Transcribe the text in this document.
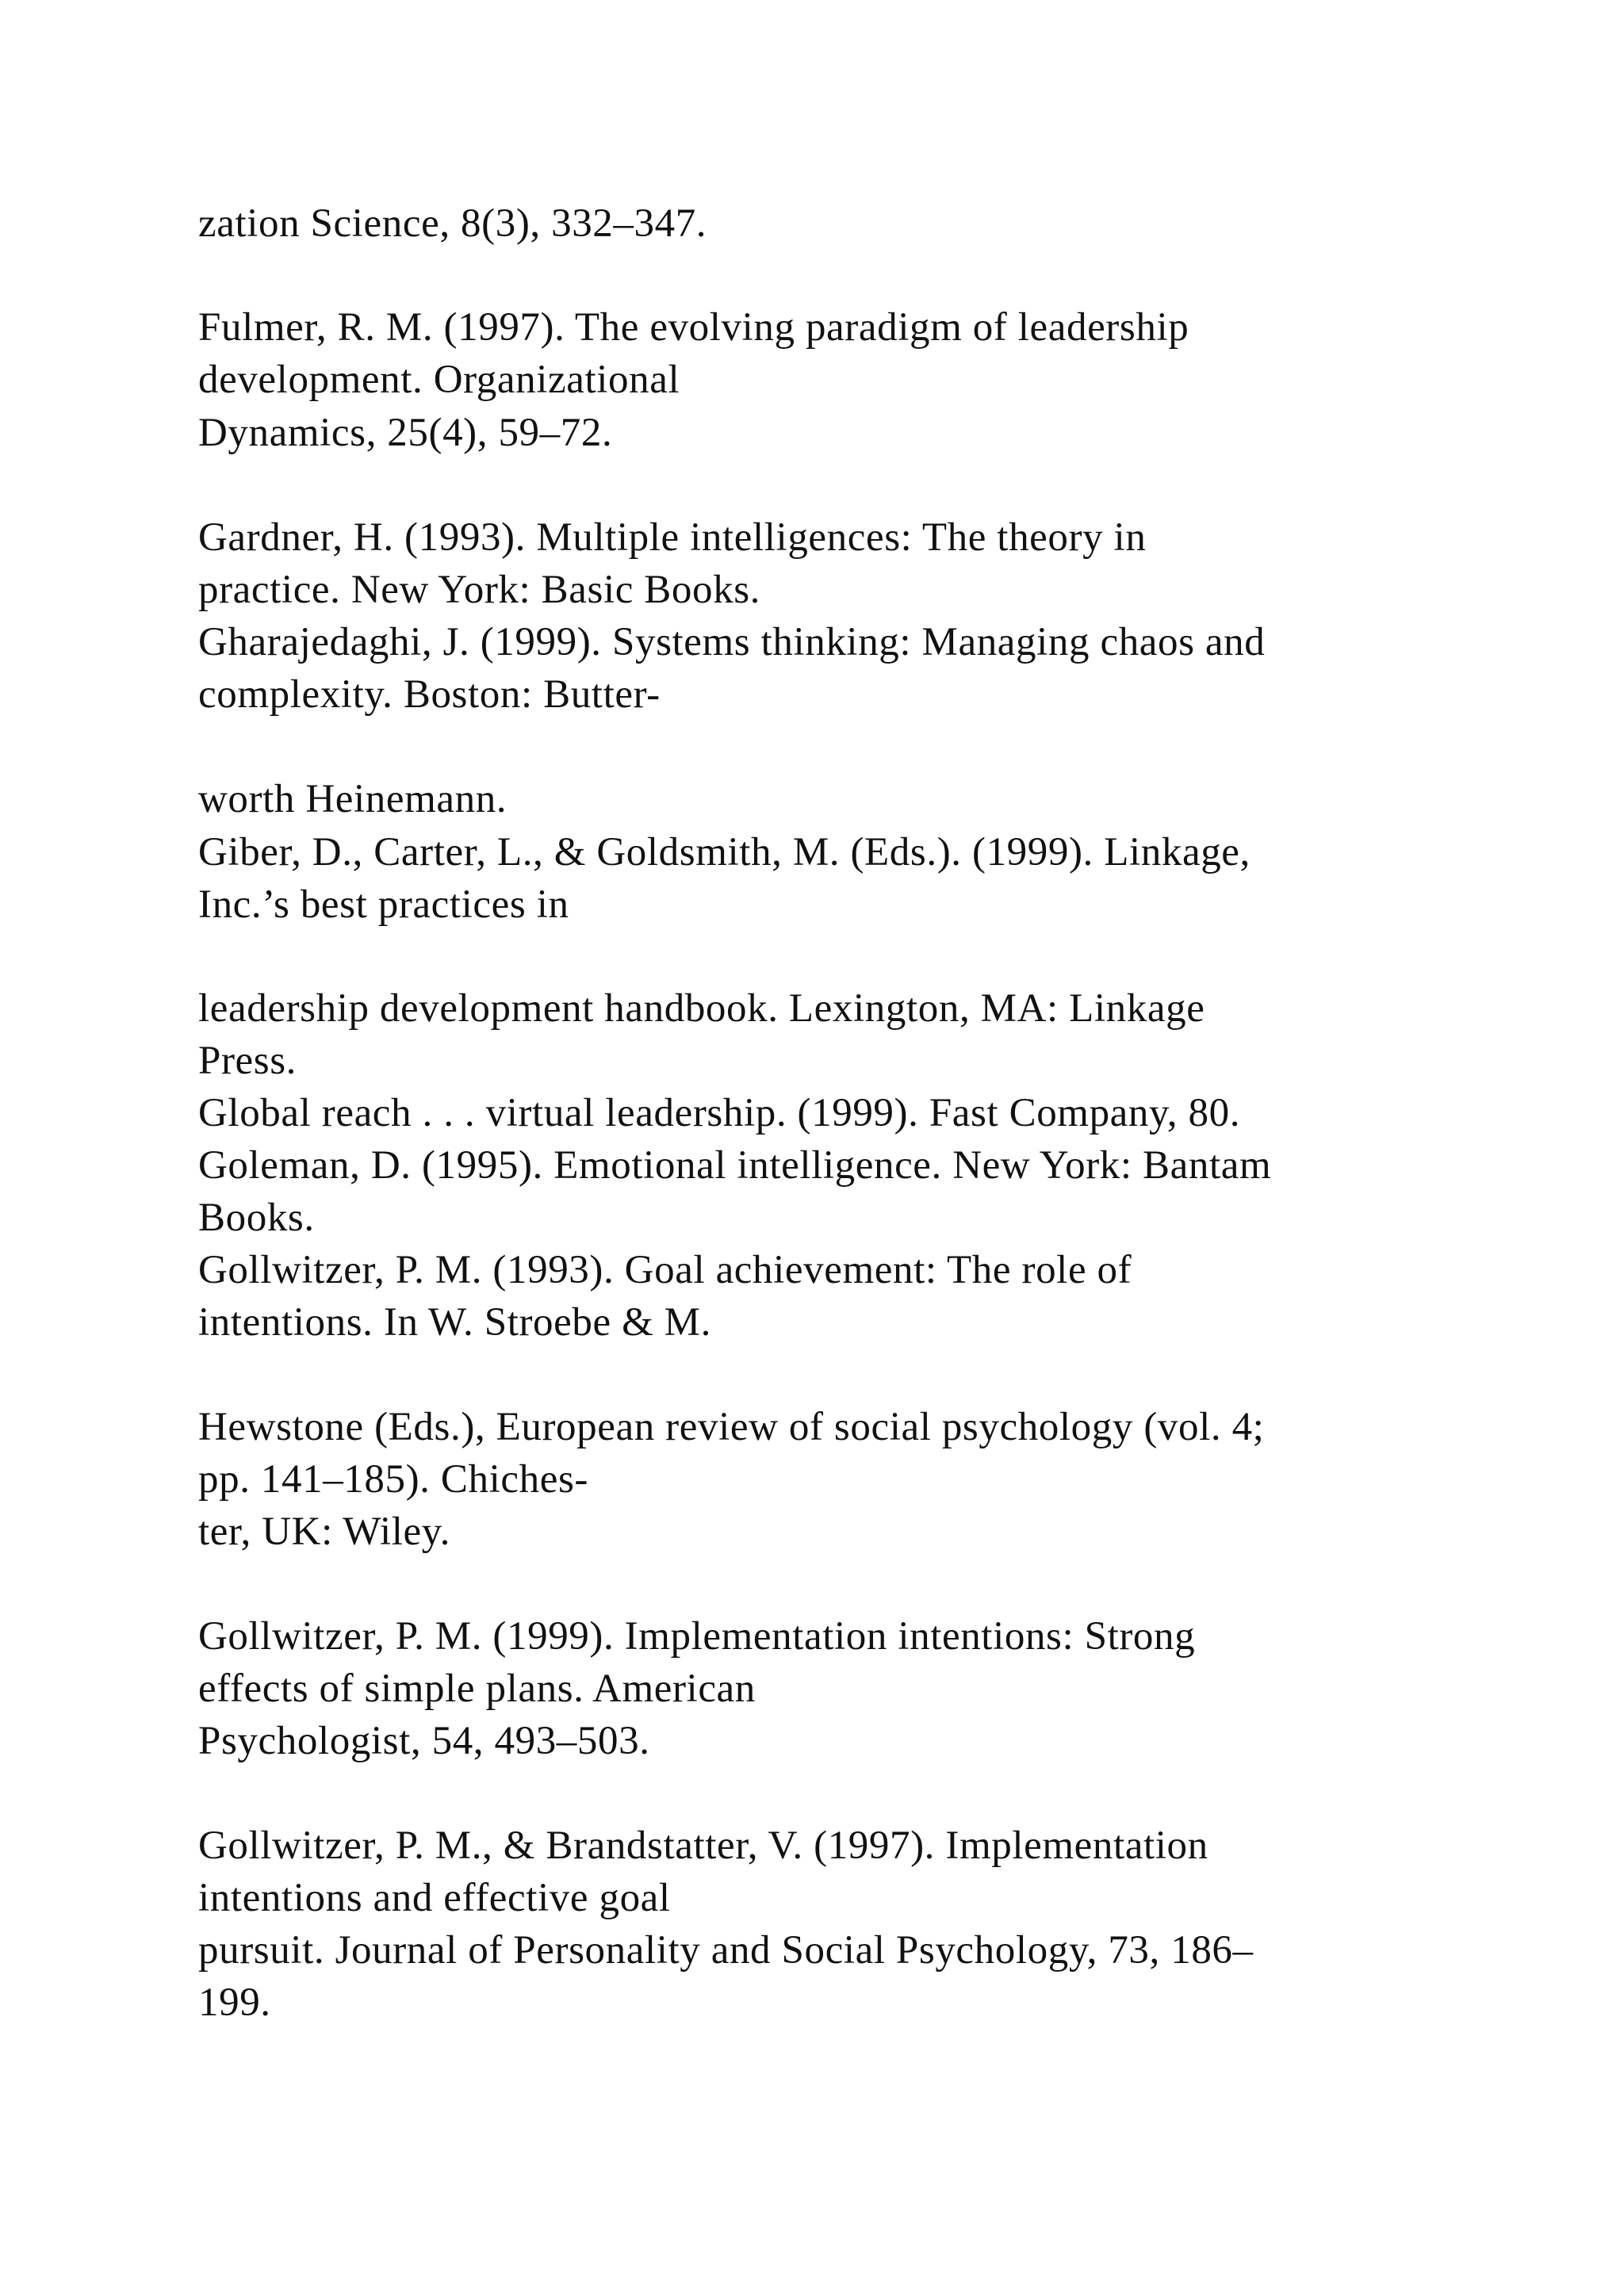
zation Science, 8(3), 332–347.

Fulmer, R. M. (1997). The evolving paradigm of leadership

development. Organizational

Dynamics, 25(4), 59–72.

Gardner, H. (1993). Multiple intelligences: The theory in

practice. New York: Basic Books.

Gharajedaghi, J. (1999). Systems thinking: Managing chaos and

complexity. Boston: Butter-

worth Heinemann.

Giber, D., Carter, L., & Goldsmith, M. (Eds.). (1999). Linkage,

Inc.’s best practices in

leadership development handbook. Lexington, MA: Linkage

Press.

Global reach . . . virtual leadership. (1999). Fast Company, 80.

Goleman, D. (1995). Emotional intelligence. New York: Bantam

Books.

Gollwitzer, P. M. (1993). Goal achievement: The role of

intentions. In W. Stroebe & M.

Hewstone (Eds.), European review of social psychology (vol. 4;

pp. 141–185). Chiches-

ter, UK: Wiley.

Gollwitzer, P. M. (1999). Implementation intentions: Strong

effects of simple plans. American

Psychologist, 54, 493–503.

Gollwitzer, P. M., & Brandstatter, V. (1997). Implementation

intentions and effective goal

pursuit. Journal of Personality and Social Psychology, 73, 186–

199.
